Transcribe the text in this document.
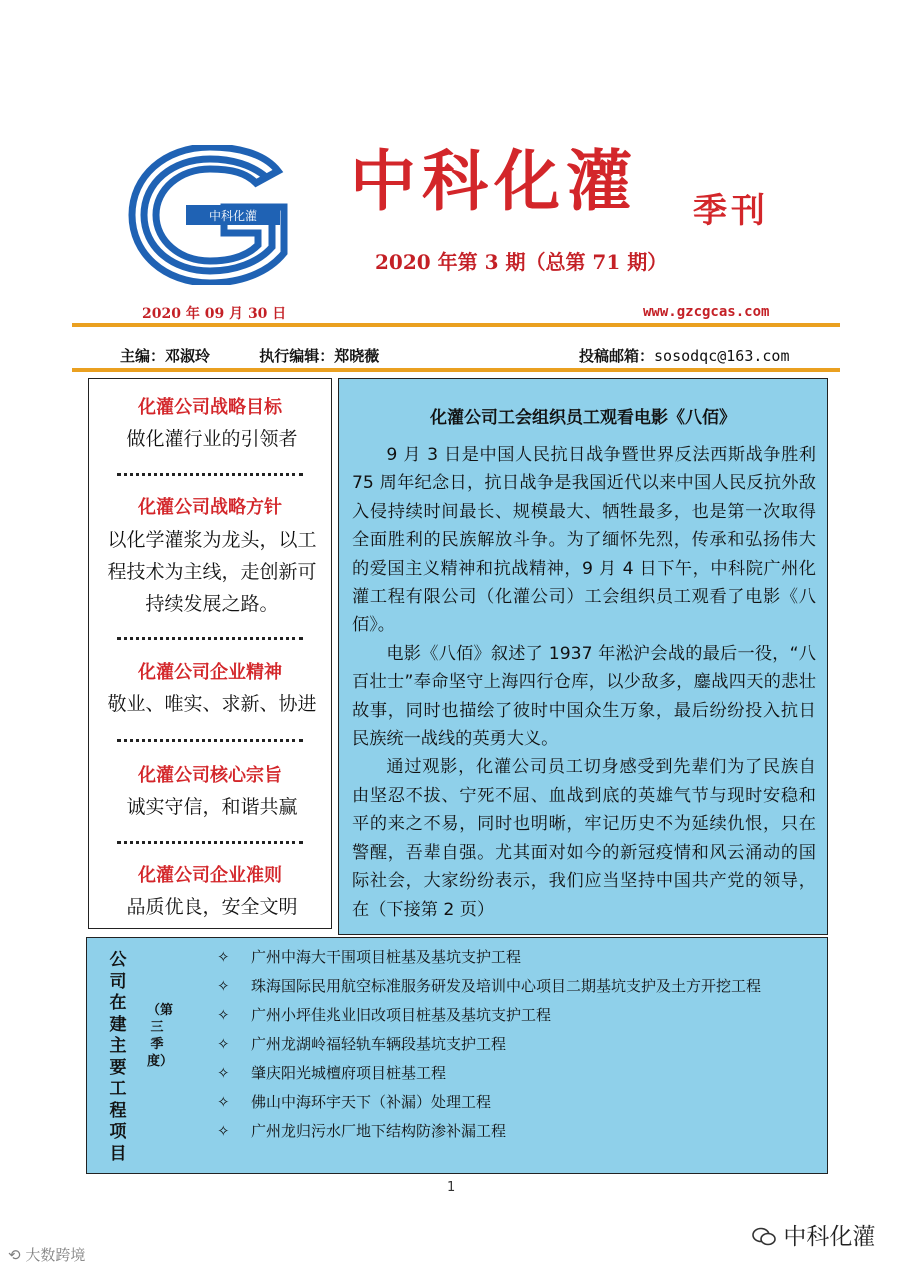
中科化灌 中科化灌 季刊
2020 年第 3 期（总第 71 期）
2020 年 09 月 30 日	www.gzcgcas.com
主编：邓淑玲	执行编辑：郑晓薇	投稿邮箱：sosodqc@163.com
化灌公司战略目标
做化灌行业的引领者
化灌公司战略方针
以化学灌浆为龙头，以工程技术为主线，走创新可持续发展之路。
化灌公司企业精神
敬业、唯实、求新、协进
化灌公司核心宗旨
诚实守信，和谐共赢
化灌公司企业准则
品质优良，安全文明
化灌公司工会组织员工观看电影《八佰》

9 月 3 日是中国人民抗日战争暨世界反法西斯战争胜利 75 周年纪念日，抗日战争是我国近代以来中国人民反抗外敌入侵持续时间最长、规模最大、牺牲最多，也是第一次取得全面胜利的民族解放斗争。为了缅怀先烈，传承和弘扬伟大的爱国主义精神和抗战精神，9 月 4 日下午，中科院广州化灌工程有限公司（化灌公司）工会组织员工观看了电影《八佰》。

电影《八佰》叙述了 1937 年淞沪会战的最后一役，“八百壮士”奉命坚守上海四行仓库，以少敌多，鏖战四天的悲壮故事，同时也描绘了彼时中国众生万象，最后纷纷投入抗日民族统一战线的英勇大义。

通过观影，化灌公司员工切身感受到先辈们为了民族自由坚忍不拔、宁死不屈、血战到底的英雄气节与现时安稳和平的来之不易，同时也明晰，牢记历史不为延续仇恨，只在警醒，吾辈自强。尤其面对如今的新冠疫情和风云涌动的国际社会，大家纷纷表示，我们应当坚持中国共产党的领导，在（下接第 2 页）

公司在建主要工程项目
（第三季度）
✧ 广州中海大干围项目桩基及基坑支护工程
✧ 珠海国际民用航空标准服务研发及培训中心项目二期基坑支护及土方开挖工程
✧ 广州小坪佳兆业旧改项目桩基及基坑支护工程
✧ 广州龙湖岭福轻轨车辆段基坑支护工程
✧ 肇庆阳光城檀府项目桩基工程
✧ 佛山中海环宇天下（补漏）处理工程
✧ 广州龙归污水厂地下结构防渗补漏工程
1
中科化灌
⟲ 大数跨境
